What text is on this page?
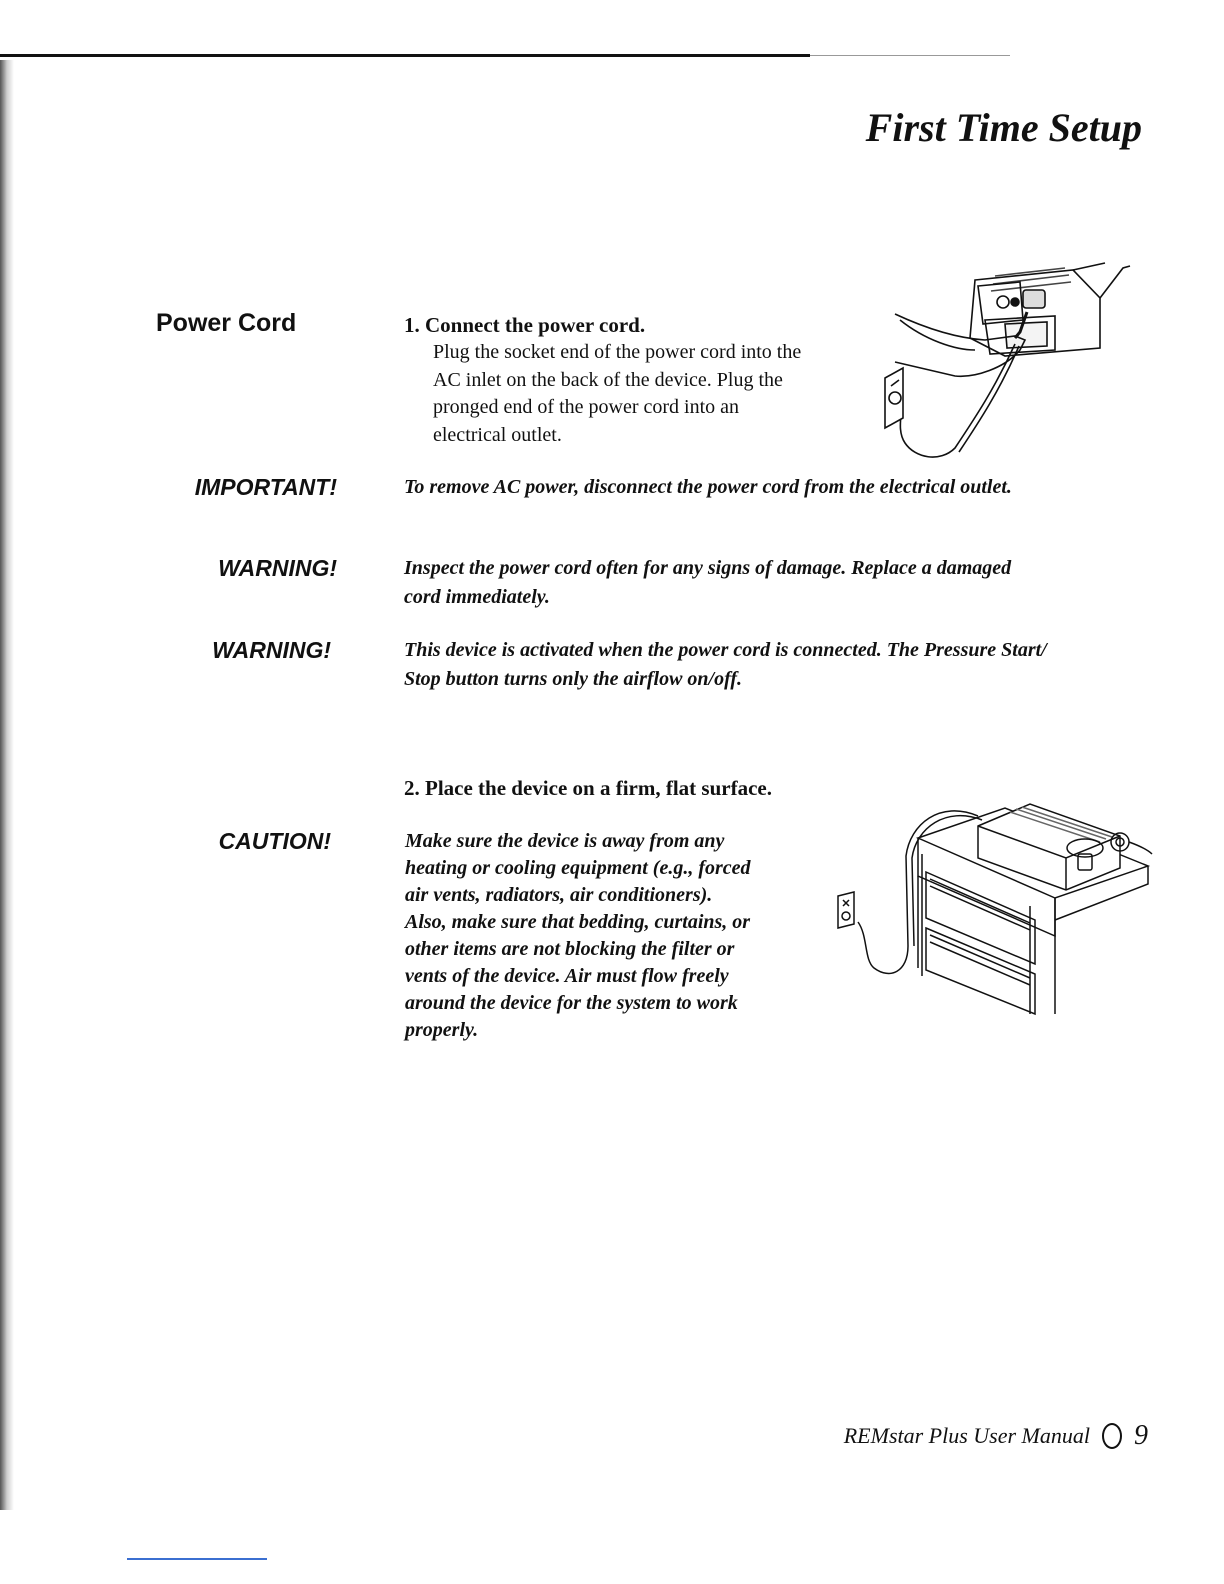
First Time Setup
Power Cord	1. Connect the power cord.
Plug the socket end of the power cord into the
AC inlet on the back of the device. Plug the
pronged end of the power cord into an
electrical outlet.
IMPORTANT!	To remove AC power, disconnect the power cord from the electrical outlet.
WARNING!	Inspect the power cord often for any signs of damage. Replace a damaged
cord immediately.
WARNING!	This device is activated when the power cord is connected. The Pressure Start/
Stop button turns only the airflow on/off.
2. Place the device on a firm, flat surface.
CAUTION!	Make sure the device is away from any
heating or cooling equipment (e.g., forced
air vents, radiators, air conditioners).
Also, make sure that bedding, curtains, or
other items are not blocking the filter or
vents of the device. Air must flow freely
around the device for the system to work
properly.
REMstar Plus User Manual 9
